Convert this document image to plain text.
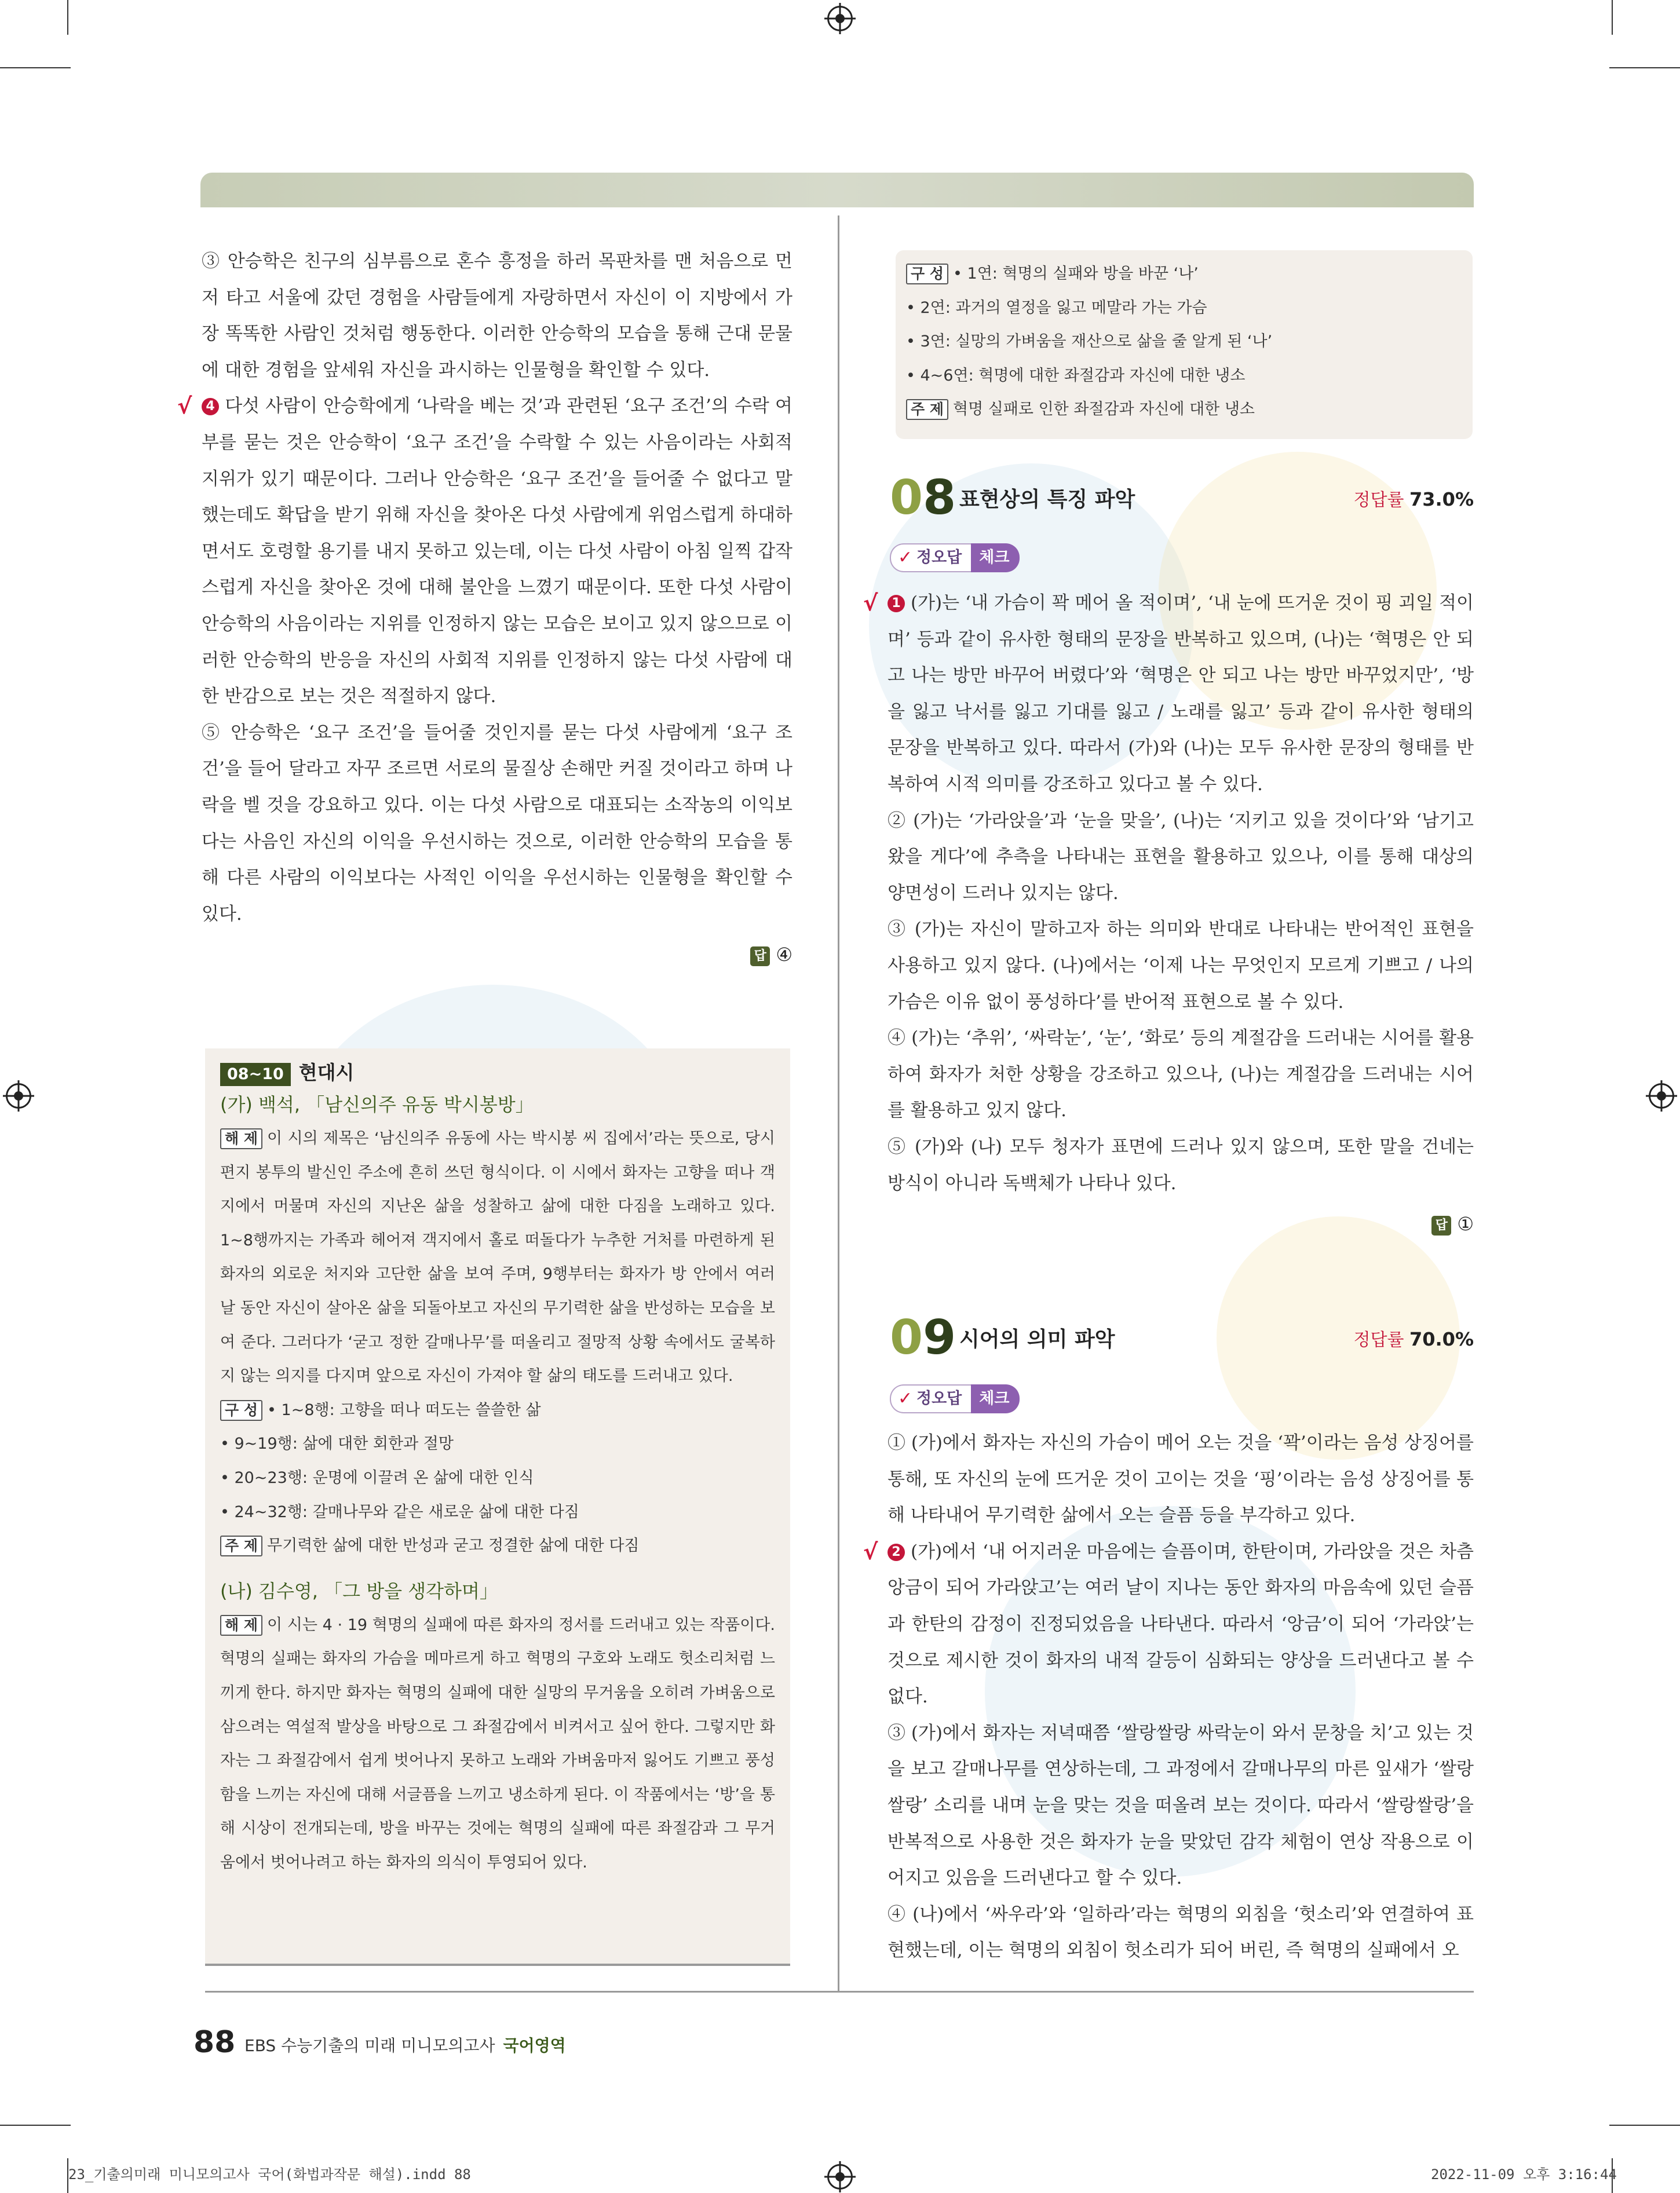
③ 안승학은 친구의 심부름으로 혼수 흥정을 하러 목판차를 맨 처음으로 먼저 타고 서울에 갔던 경험을 사람들에게 자랑하면서 자신이 이 지방에서 가장 똑똑한 사람인 것처럼 행동한다. 이러한 안승학의 모습을 통해 근대 문물에 대한 경험을 앞세워 자신을 과시하는 인물형을 확인할 수 있다.

√ 4 다섯 사람이 안승학에게 ‘나락을 베는 것’과 관련된 ‘요구 조건’의 수락 여부를 묻는 것은 안승학이 ‘요구 조건’을 수락할 수 있는 사음이라는 사회적 지위가 있기 때문이다. 그러나 안승학은 ‘요구 조건’을 들어줄 수 없다고 말했는데도 확답을 받기 위해 자신을 찾아온 다섯 사람에게 위엄스럽게 하대하면서도 호령할 용기를 내지 못하고 있는데, 이는 다섯 사람이 아침 일찍 갑작스럽게 자신을 찾아온 것에 대해 불안을 느꼈기 때문이다. 또한 다섯 사람이 안승학의 사음이라는 지위를 인정하지 않는 모습은 보이고 있지 않으므로 이러한 안승학의 반응을 자신의 사회적 지위를 인정하지 않는 다섯 사람에 대한 반감으로 보는 것은 적절하지 않다.

⑤ 안승학은 ‘요구 조건’을 들어줄 것인지를 묻는 다섯 사람에게 ‘요구 조건’을 들어 달라고 자꾸 조르면 서로의 물질상 손해만 커질 것이라고 하며 나락을 벨 것을 강요하고 있다. 이는 다섯 사람으로 대표되는 소작농의 이익보다는 사음인 자신의 이익을 우선시하는 것으로, 이러한 안승학의 모습을 통해 다른 사람의 이익보다는 사적인 이익을 우선시하는 인물형을 확인할 수 있다.

답 ④
08~10 현대시

(가) 백석, 「남신의주 유동 박시봉방」

해 제 이 시의 제목은 ‘남신의주 유동에 사는 박시봉 씨 집에서’라는 뜻으로, 당시 편지 봉투의 발신인 주소에 흔히 쓰던 형식이다. 이 시에서 화자는 고향을 떠나 객지에서 머물며 자신의 지난온 삶을 성찰하고 삶에 대한 다짐을 노래하고 있다. 1~8행까지는 가족과 헤어져 객지에서 홀로 떠돌다가 누추한 거처를 마련하게 된 화자의 외로운 처지와 고단한 삶을 보여 주며, 9행부터는 화자가 방 안에서 여러 날 동안 자신이 살아온 삶을 되돌아보고 자신의 무기력한 삶을 반성하는 모습을 보여 준다. 그러다가 ‘굳고 정한 갈매나무’를 떠올리고 절망적 상황 속에서도 굴복하지 않는 의지를 다지며 앞으로 자신이 가져야 할 삶의 태도를 드러내고 있다.

구 성 • 1~8행: 고향을 떠나 떠도는 쓸쓸한 삶
• 9~19행: 삶에 대한 회한과 절망
• 20~23행: 운명에 이끌려 온 삶에 대한 인식
• 24~32행: 갈매나무와 같은 새로운 삶에 대한 다짐

주 제 무기력한 삶에 대한 반성과 굳고 정결한 삶에 대한 다짐

(나) 김수영, 「그 방을 생각하며」

해 제 이 시는 4 · 19 혁명의 실패에 따른 화자의 정서를 드러내고 있는 작품이다. 혁명의 실패는 화자의 가슴을 메마르게 하고 혁명의 구호와 노래도 헛소리처럼 느끼게 한다. 하지만 화자는 혁명의 실패에 대한 실망의 무거움을 오히려 가벼움으로 삼으려는 역설적 발상을 바탕으로 그 좌절감에서 비켜서고 싶어 한다. 그렇지만 화자는 그 좌절감에서 쉽게 벗어나지 못하고 노래와 가벼움마저 잃어도 기쁘고 풍성함을 느끼는 자신에 대해 서글픔을 느끼고 냉소하게 된다. 이 작품에서는 ‘방’을 통해 시상이 전개되는데, 방을 바꾸는 것에는 혁명의 실패에 따른 좌절감과 그 무거움에서 벗어나려고 하는 화자의 의식이 투영되어 있다.

구 성 • 1연: 혁명의 실패와 방을 바꾼 ‘나’
• 2연: 과거의 열정을 잃고 메말라 가는 가슴
• 3연: 실망의 가벼움을 재산으로 삶을 줄 알게 된 ‘나’
• 4~6연: 혁명에 대한 좌절감과 자신에 대한 냉소

주 제 혁명 실패로 인한 좌절감과 자신에 대한 냉소

08 표현상의 특징 파악	정답률 73.0%
✓ 정오답 체크

√ 1 (가)는 ‘내 가슴이 꽉 메어 올 적이며’, ‘내 눈에 뜨거운 것이 핑 괴일 적이며’ 등과 같이 유사한 형태의 문장을 반복하고 있으며, (나)는 ‘혁명은 안 되고 나는 방만 바꾸어 버렸다’와 ‘혁명은 안 되고 나는 방만 바꾸었지만’, ‘방을 잃고 낙서를 잃고 기대를 잃고 / 노래를 잃고’ 등과 같이 유사한 형태의 문장을 반복하고 있다. 따라서 (가)와 (나)는 모두 유사한 문장의 형태를 반복하여 시적 의미를 강조하고 있다고 볼 수 있다.

② (가)는 ‘가라앉을’과 ‘눈을 맞을’, (나)는 ‘지키고 있을 것이다’와 ‘남기고 왔을 게다’에 추측을 나타내는 표현을 활용하고 있으나, 이를 통해 대상의 양면성이 드러나 있지는 않다.

③ (가)는 자신이 말하고자 하는 의미와 반대로 나타내는 반어적인 표현을 사용하고 있지 않다. (나)에서는 ‘이제 나는 무엇인지 모르게 기쁘고 / 나의 가슴은 이유 없이 풍성하다’를 반어적 표현으로 볼 수 있다.

④ (가)는 ‘추위’, ‘싸락눈’, ‘눈’, ‘화로’ 등의 계절감을 드러내는 시어를 활용하여 화자가 처한 상황을 강조하고 있으나, (나)는 계절감을 드러내는 시어를 활용하고 있지 않다.

⑤ (가)와 (나) 모두 청자가 표면에 드러나 있지 않으며, 또한 말을 건네는 방식이 아니라 독백체가 나타나 있다.

답 ①
09 시어의 의미 파악	정답률 70.0%
✓ 정오답 체크

① (가)에서 화자는 자신의 가슴이 메어 오는 것을 ‘꽉’이라는 음성 상징어를 통해, 또 자신의 눈에 뜨거운 것이 고이는 것을 ‘핑’이라는 음성 상징어를 통해 나타내어 무기력한 삶에서 오는 슬픔 등을 부각하고 있다.

√ 2 (가)에서 ‘내 어지러운 마음에는 슬픔이며, 한탄이며, 가라앉을 것은 차츰 앙금이 되어 가라앉고’는 여러 날이 지나는 동안 화자의 마음속에 있던 슬픔과 한탄의 감정이 진정되었음을 나타낸다. 따라서 ‘앙금’이 되어 ‘가라앉’는 것으로 제시한 것이 화자의 내적 갈등이 심화되는 양상을 드러낸다고 볼 수 없다.

③ (가)에서 화자는 저녁때쯤 ‘쌀랑쌀랑 싸락눈이 와서 문창을 치’고 있는 것을 보고 갈매나무를 연상하는데, 그 과정에서 갈매나무의 마른 잎새가 ‘쌀랑쌀랑’ 소리를 내며 눈을 맞는 것을 떠올려 보는 것이다. 따라서 ‘쌀랑쌀랑’을 반복적으로 사용한 것은 화자가 눈을 맞았던 감각 체험이 연상 작용으로 이어지고 있음을 드러낸다고 할 수 있다.

④ (나)에서 ‘싸우라’와 ‘일하라’라는 혁명의 외침을 ‘헛소리’와 연결하여 표현했는데, 이는 혁명의 외침이 헛소리가 되어 버린, 즉 혁명의 실패에서 오

88 EBS 수능기출의 미래 미니모의고사 국어영역
23_기출의미래 미니모의고사 국어(화법과작문 해설).indd 88	2022-11-09 오후 3:16:44
